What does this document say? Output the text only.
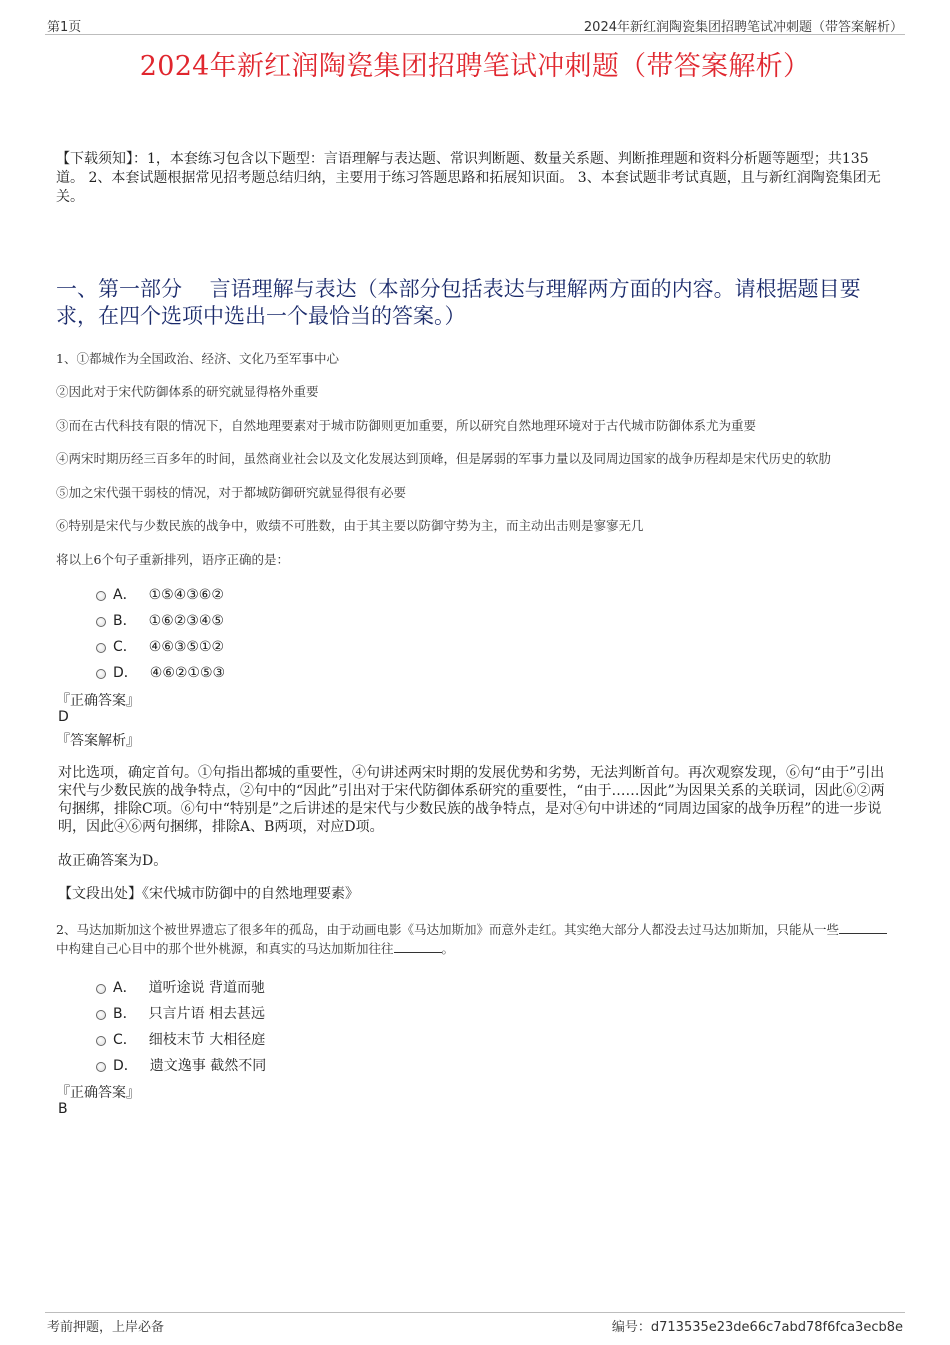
第1页	2024年新红润陶瓷集团招聘笔试冲刺题（带答案解析）
2024年新红润陶瓷集团招聘笔试冲刺题（带答案解析）
【下载须知】：1，本套练习包含以下题型：言语理解与表达题、常识判断题、数量关系题、判断推理题和资料分析题等题型；共135道。 2、本套试题根据常见招考题总结归纳，主要用于练习答题思路和拓展知识面。 3、本套试题非考试真题，且与新红润陶瓷集团无关。
一、第一部分　 言语理解与表达（本部分包括表达与理解两方面的内容。请根据题目要求，在四个选项中选出一个最恰当的答案。）
1、①都城作为全国政治、经济、文化乃至军事中心
②因此对于宋代防御体系的研究就显得格外重要
③而在古代科技有限的情况下，自然地理要素对于城市防御则更加重要，所以研究自然地理环境对于古代城市防御体系尤为重要
④两宋时期历经三百多年的时间，虽然商业社会以及文化发展达到顶峰，但是孱弱的军事力量以及同周边国家的战争历程却是宋代历史的软肋
⑤加之宋代强干弱枝的情况，对于都城防御研究就显得很有必要
⑥特别是宋代与少数民族的战争中，败绩不可胜数，由于其主要以防御守势为主，而主动出击则是寥寥无几
将以上6个句子重新排列，语序正确的是：
A． ①⑤④③⑥②
B． ①⑥②③④⑤
C． ④⑥③⑤①②
D． ④⑥②①⑤③
『正确答案』
D
『答案解析』
对比选项，确定首句。①句指出都城的重要性，④句讲述两宋时期的发展优势和劣势，无法判断首句。再次观察发现，⑥句“由于”引出宋代与少数民族的战争特点，②句中的“因此”引出对于宋代防御体系研究的重要性，“由于……因此”为因果关系的关联词，因此⑥②两句捆绑，排除C项。⑥句中“特别是”之后讲述的是宋代与少数民族的战争特点，是对④句中讲述的“同周边国家的战争历程”的进一步说明，因此④⑥两句捆绑，排除A、B两项，对应D项。
故正确答案为D。
【文段出处】《宋代城市防御中的自然地理要素》
2、马达加斯加这个被世界遗忘了很多年的孤岛，由于动画电影《马达加斯加》而意外走红。其实绝大部分人都没去过马达加斯加，只能从一些中构建自己心目中的那个世外桃源，和真实的马达加斯加往往	。
A． 道听途说 背道而驰
B． 只言片语 相去甚远
C． 细枝末节 大相径庭
D． 遗文逸事 截然不同
『正确答案』
B
考前押题，上岸必备	编号：d713535e23de66c7abd78f6fca3ecb8e
